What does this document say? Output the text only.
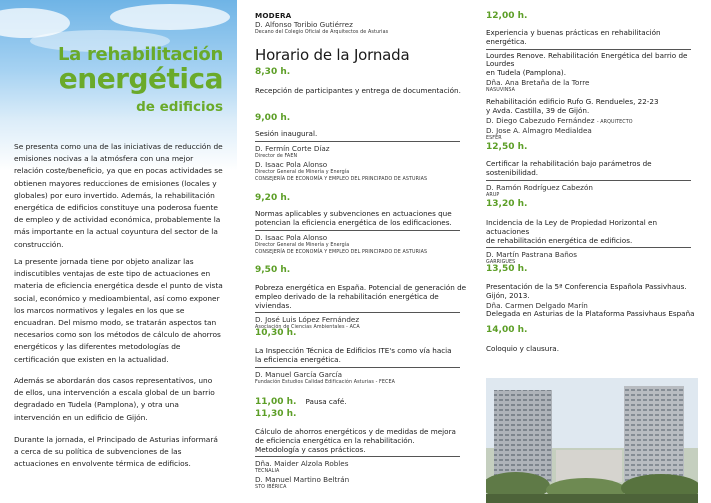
La rehabilitación
energética
de edificios

Se presenta como una de las iniciativas de reducción de emisiones nocivas a la atmósfera con una mejor relación coste/beneficio, ya que en pocas actividades se obtienen mayores reducciones de emisiones (locales y globales) por euro invertido. Además, la rehabilitación energética de edificios constituye una poderosa fuente de empleo y de actividad económica, probablemente la más importante en la actual coyuntura del sector de la construcción.

La presente jornada tiene por objeto analizar las indiscutibles ventajas de este tipo de actuaciones en materia de eficiencia energética desde el punto de vista social, económico y medioambiental, así como exponer los marcos normativos y legales en los que se encuadran. Del mismo modo, se tratarán aspectos tan necesarios como son los métodos de cálculo de ahorros energéticos y las diferentes metodologías de certificación que existen en la actualidad.

Además se abordarán dos casos representativos, uno de ellos, una intervención a escala global de un barrio degradado en Tudela (Pamplona), y otra una intervención en un edificio de Gijón.

Durante la jornada, el Principado de Asturias informará a cerca de su política de subvenciones de las actuaciones en envolvente térmica de edificios.

MODERA
D. Alfonso Toribio Gutiérrez
Decano del Colegio Oficial de Arquitectos de Asturias
Horario de la Jornada
8,30 h.
Recepción de participantes y entrega de documentación.
9,00 h.
Sesión inaugural.
D. Fermín Corte Díaz
Director de FAEN
D. Isaac Pola Alonso
Director General de Minería y Energía
CONSEJERÍA DE ECONOMÍA Y EMPLEO DEL PRINCIPADO DE ASTURIAS
9,20 h.
Normas aplicables y subvenciones en actuaciones que
potencian la eficiencia energética de los edificaciones.
D. Isaac Pola Alonso
Director General de Minería y Energía
CONSEJERÍA DE ECONOMÍA Y EMPLEO DEL PRINCIPADO DE ASTURIAS
9,50 h.
Pobreza energética en España. Potencial de generación de
empleo derivado de la rehabilitación energética de viviendas.
D. José Luis López Fernández
Asociación de Ciencias Ambientales - ACA
10,30 h.
La Inspección Técnica de Edificios ITE's como vía hacia
la eficiencia energética.
D. Manuel García García
Fundación Estudios Calidad Edificación Asturias - FECEA
11,00 h. Pausa café.
11,30 h.
Cálculo de ahorros energéticos y de medidas de mejora
de eficiencia energética en la rehabilitación.
Metodología y casos prácticos.
Dña. Maider Alzola Robles
TECNALIA
D. Manuel Martino Beltrán
STO IBÉRICA
12,00 h.
Experiencia y buenas prácticas en rehabilitación energética.
Lourdes Renove. Rehabilitación Energética del barrio de Lourdes
en Tudela (Pamplona).
Dña. Ana Bretaña de la Torre
NASUVINSA
Rehabilitación edificio Rufo G. Rendueles, 22-23
y Avda. Castilla, 39 de Gijón.
D. Diego Cabezudo Fernández - ARQUITECTO
D. Jose A. Almagro Medialdea
ESFER
12,50 h.
Certificar la rehabilitación bajo parámetros de sostenibilidad.
D. Ramón Rodríguez Cabezón
ARUP
13,20 h.
Incidencia de la Ley de Propiedad Horizontal en actuaciones
de rehabilitación energética de edificios.
D. Martín Pastrana Baños
GARRIGUES
13,50 h.
Presentación de la 5ª Conferencia Española Passivhaus.
Gijón, 2013.
Dña. Carmen Delgado Marín
Delegada en Asturias de la Plataforma Passivhaus España
14,00 h.
Coloquio y clausura.
